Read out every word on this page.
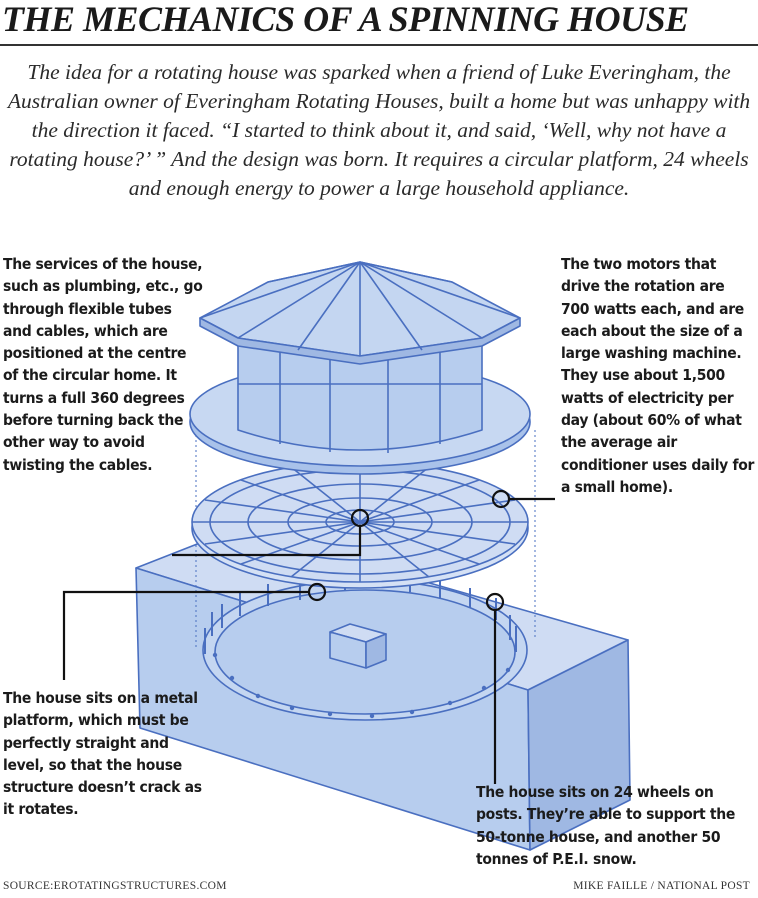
THE MECHANICS OF A SPINNING HOUSE

The idea for a rotating house was sparked when a friend of Luke Everingham, the Australian owner of Everingham Rotating Houses, built a home but was unhappy with the direction it faced. “I started to think about it, and said, ‘Well, why not have a rotating house?’ ” And the design was born. It requires a circular platform, 24 wheels and enough energy to power a large household appliance.

The services of the house, such as plumbing, etc., go through flexible tubes and cables, which are positioned at the centre of the circular home. It turns a full 360 degrees before turning back the other way to avoid twisting the cables.

The two motors that drive the rotation are 700 watts each, and are each about the size of a large washing machine. They use about 1,500 watts of electricity per day (about 60% of what the average air conditioner uses daily for a small home).

The house sits on a metal platform, which must be perfectly straight and level, so that the house structure doesn’t crack as it rotates.

The house sits on 24 wheels on posts. They’re able to support the 50-tonne house, and another 50 tonnes of P.E.I. snow.

SOURCE:EROTATINGSTRUCTURES.COM	MIKE FAILLE / NATIONAL POST
